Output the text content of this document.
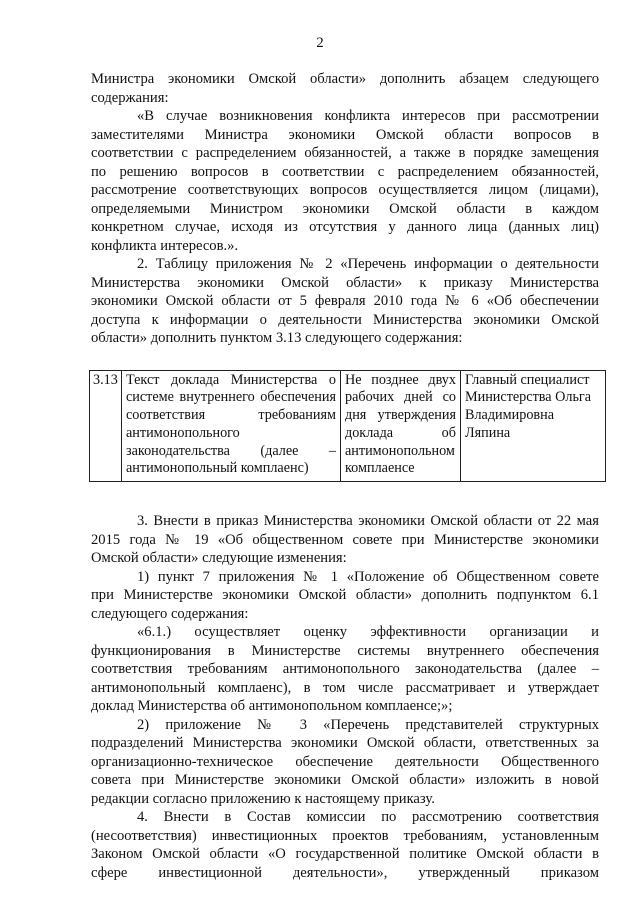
2

Министра экономики Омской области» дополнить абзацем следующего

содержания:

«В случае возникновения конфликта интересов при рассмотрении

заместителями Министра экономики Омской области вопросов в

соответствии с распределением обязанностей, а также в порядке замещения

по решению вопросов в соответствии с распределением обязанностей,

рассмотрение соответствующих вопросов осуществляется лицом (лицами),

определяемыми Министром экономики Омской области в каждом

конкретном случае, исходя из отсутствия у данного лица (данных лиц)

конфликта интересов.».

2. Таблицу приложения № 2 «Перечень информации о деятельности

Министерства экономики Омской области» к приказу Министерства

экономики Омской области от 5 февраля 2010 года № 6 «Об обеспечении

доступа к информации о деятельности Министерства экономики Омской

области» дополнить пунктом 3.13 следующего содержания:

3.13	Текст доклада Министерства о системе внутреннего обеспечения соответствия требованиям антимонопольного законодательства (далее – антимонопольный комплаенс)	Не позднее двух рабочих дней со дня утверждения доклада об антимонопольном комплаенсе	Главный специалист Министерства Ольга Владимировна Ляпина

3. Внести в приказ Министерства экономики Омской области от 22 мая

2015 года № 19 «Об общественном совете при Министерстве экономики

Омской области» следующие изменения:

1) пункт 7 приложения № 1 «Положение об Общественном совете

при Министерстве экономики Омской области» дополнить подпунктом 6.1

следующего содержания:

«6.1.) осуществляет оценку эффективности организации и

функционирования в Министерстве системы внутреннего обеспечения

соответствия требованиям антимонопольного законодательства (далее –

антимонопольный комплаенс), в том числе рассматривает и утверждает

доклад Министерства об антимонопольном комплаенсе;»;

2) приложение № 3 «Перечень представителей структурных

подразделений Министерства экономики Омской области, ответственных за

организационно-техническое обеспечение деятельности Общественного

совета при Министерстве экономики Омской области» изложить в новой

редакции согласно приложению к настоящему приказу.

4. Внести в Состав комиссии по рассмотрению соответствия

(несоответствия) инвестиционных проектов требованиям, установленным

Законом Омской области «О государственной политике Омской области в

сфере инвестиционной деятельности», утвержденный приказом
